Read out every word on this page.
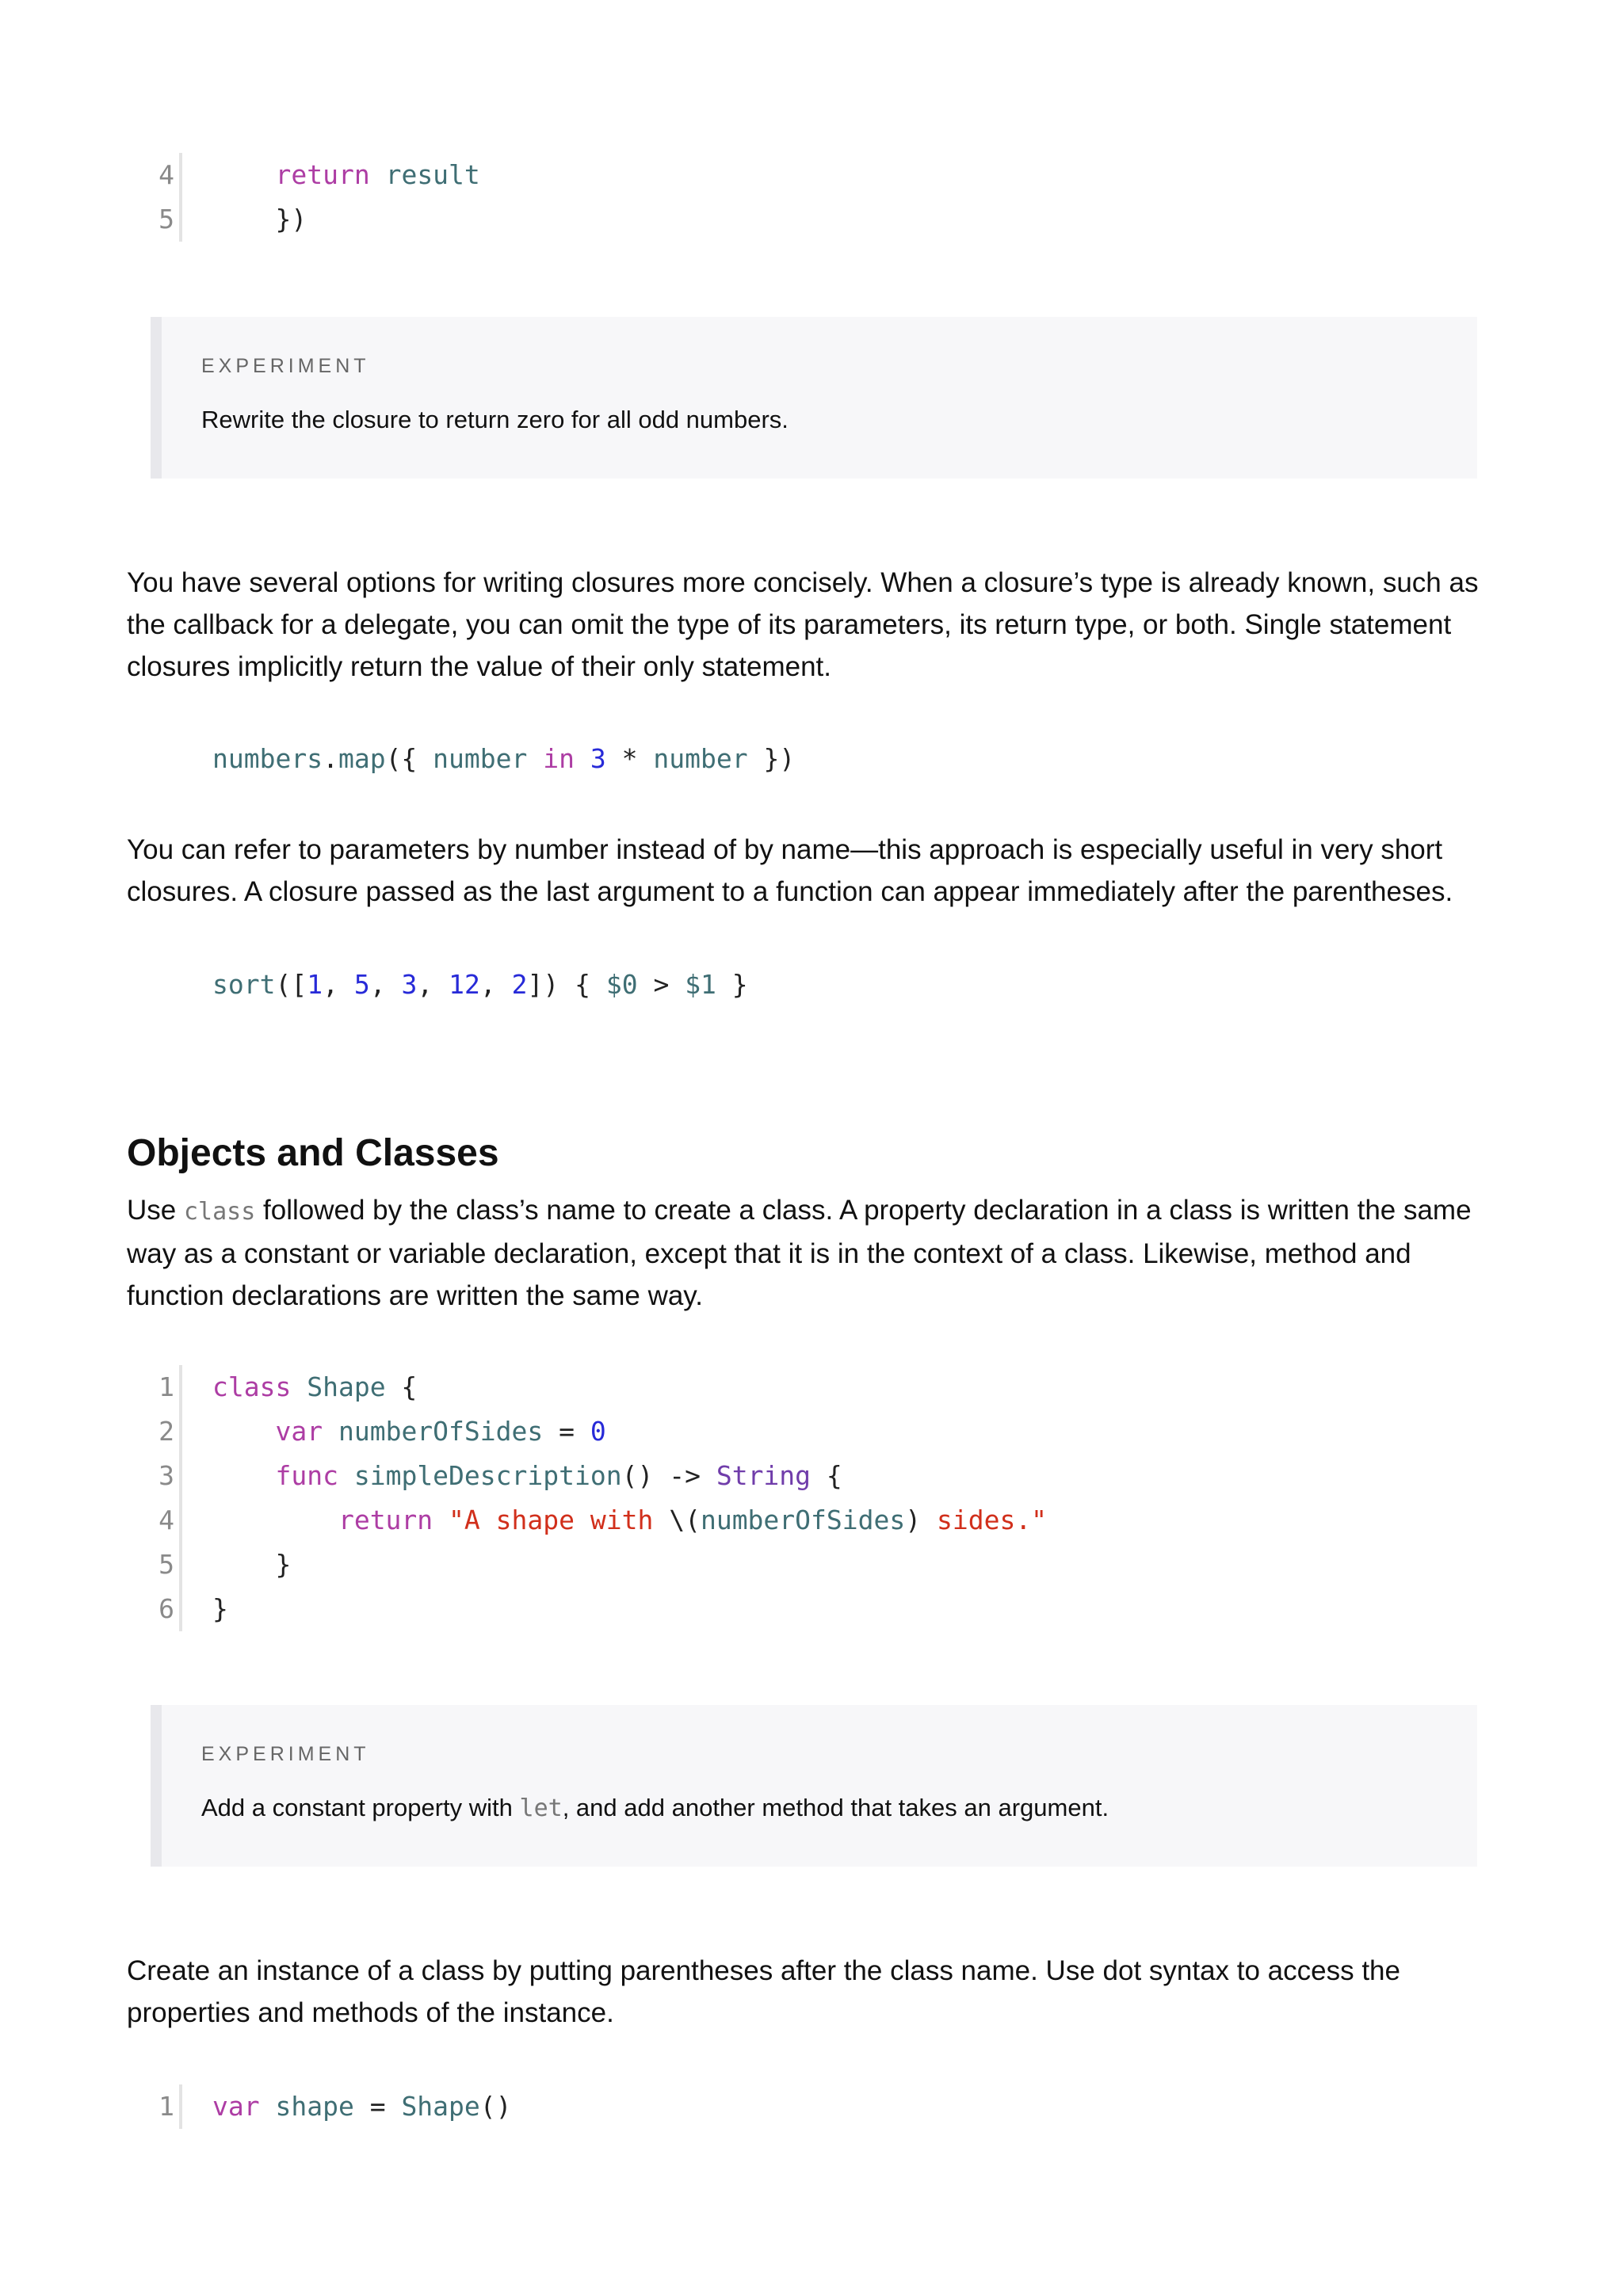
4	return result
5 })
EXPERIMENT
Rewrite the closure to return zero for all odd numbers.
You have several options for writing closures more concisely. When a closure’s type is already known, such as the callback for a delegate, you can omit the type of its parameters, its return type, or both. Single statement closures implicitly return the value of their only statement.
numbers.map({ number in 3 * number })
You can refer to parameters by number instead of by name—this approach is especially useful in very short closures. A closure passed as the last argument to a function can appear immediately after the parentheses.
sort([1, 5, 3, 12, 2]) { $0 > $1 }
Objects and Classes
Use class followed by the class’s name to create a class. A property declaration in a class is written the same way as a constant or variable declaration, except that it is in the context of a class. Likewise, method and function declarations are written the same way.
1 class Shape {
2	var numberOfSides = 0
3	func simpleDescription() -> String {
4	return "A shape with \(numberOfSides) sides."
5 }
6 }
EXPERIMENT
Add a constant property with let, and add another method that takes an argument.
Create an instance of a class by putting parentheses after the class name. Use dot syntax to access the properties and methods of the instance.
1 var shape = Shape()
